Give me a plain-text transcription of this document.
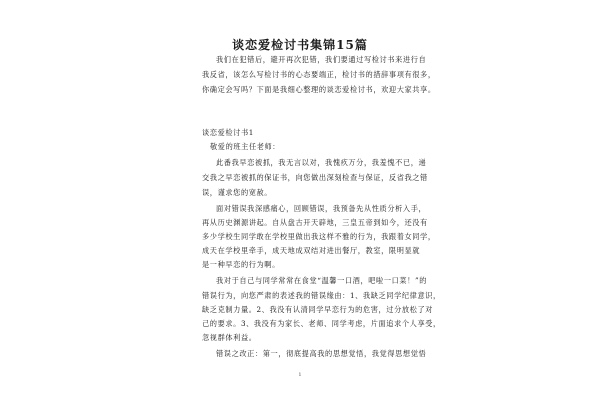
谈恋爱检讨书集锦15篇
我们在犯错后，避开再次犯错，我们要通过写检讨书来进行自
我反省，该怎么写检讨书的心态要端正，检讨书的措辞事项有很多，
你确定会写吗？下面是我细心整理的谈恋爱检讨书，欢迎大家共享。
谈恋爱检讨书1
敬爱的班主任老师：
此番我早恋被抓，我无言以对，我愧疚万分，我羞愧不已，递
交我之早恋被抓的保证书，向您做出深刻检查与保证，反省我之错
误，谨求您的宽赦。
面对错误我深感痛心，回顾错误，我预备先从性质分析入手，
再从历史渊源讲起。自从盘古开天辟地，三皇五帝到如今，还没有
多少学校生同学敢在学校里做出我这样不雅的行为，我跟着女同学，
成天在学校里牵手，成天地成双结对进出餐厅，教室，限明显就
是一种早恋的行为啊。
我对于自己与同学常常在食堂“温馨一口酒，吧啦一口菜！”的
错误行为，向您严肃的表述我的错误缘由：1、我缺乏同学纪律意识，
缺乏克制力量。2、我没有认清同学早恋行为的危害，过分放松了对
己的要求。3、我没有为家长、老师、同学考虑，片面追求个人享受，
忽视群体利益。
错误之改正：第一，彻底提高我的思想觉悟，我觉得思想觉悟
1
